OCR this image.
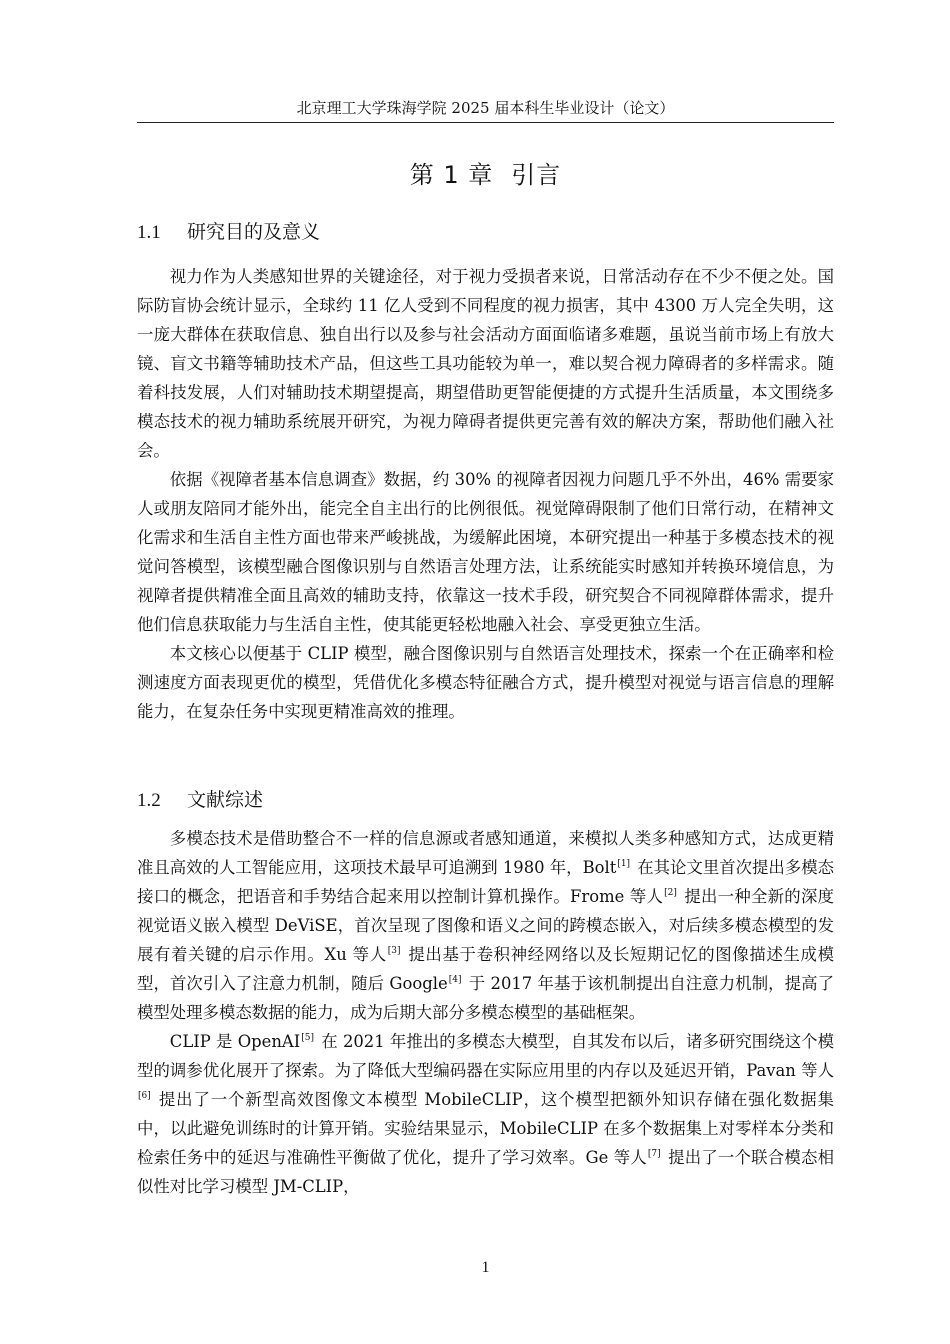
北京理工大学珠海学院 2025 届本科生毕业设计（论文）
第 1 章 引言
1.1 研究目的及意义

视力作为人类感知世界的关键途径，对于视力受损者来说，日常活动存在不少不便之处。国际防盲协会统计显示，全球约 11 亿人受到不同程度的视力损害，其中 4300 万人完全失明，这一庞大群体在获取信息、独自出行以及参与社会活动方面面临诸多难题，虽说当前市场上有放大镜、盲文书籍等辅助技术产品，但这些工具功能较为单一，难以契合视力障碍者的多样需求。随着科技发展，人们对辅助技术期望提高，期望借助更智能便捷的方式提升生活质量，本文围绕多模态技术的视力辅助系统展开研究，为视力障碍者提供更完善有效的解决方案，帮助他们融入社会。

依据《视障者基本信息调查》数据，约 30% 的视障者因视力问题几乎不外出，46% 需要家人或朋友陪同才能外出，能完全自主出行的比例很低。视觉障碍限制了他们日常行动，在精神文化需求和生活自主性方面也带来严峻挑战，为缓解此困境，本研究提出一种基于多模态技术的视觉问答模型，该模型融合图像识别与自然语言处理方法，让系统能实时感知并转换环境信息，为视障者提供精准全面且高效的辅助支持，依靠这一技术手段，研究契合不同视障群体需求，提升他们信息获取能力与生活自主性，使其能更轻松地融入社会、享受更独立生活。

本文核心以便基于 CLIP 模型，融合图像识别与自然语言处理技术，探索一个在正确率和检测速度方面表现更优的模型，凭借优化多模态特征融合方式，提升模型对视觉与语言信息的理解能力，在复杂任务中实现更精准高效的推理。

1.2 文献综述

多模态技术是借助整合不一样的信息源或者感知通道，来模拟人类多种感知方式，达成更精准且高效的人工智能应用，这项技术最早可追溯到 1980 年，Bolt[1] 在其论文里首次提出多模态接口的概念，把语音和手势结合起来用以控制计算机操作。Frome 等人[2] 提出一种全新的深度视觉语义嵌入模型 DeViSE，首次呈现了图像和语义之间的跨模态嵌入，对后续多模态模型的发展有着关键的启示作用。Xu 等人[3] 提出基于卷积神经网络以及长短期记忆的图像描述生成模型，首次引入了注意力机制，随后 Google[4] 于 2017 年基于该机制提出自注意力机制，提高了模型处理多模态数据的能力，成为后期大部分多模态模型的基础框架。

CLIP 是 OpenAI[5] 在 2021 年推出的多模态大模型，自其发布以后，诸多研究围绕这个模型的调参优化展开了探索。为了降低大型编码器在实际应用里的内存以及延迟开销，Pavan 等人[6] 提出了一个新型高效图像文本模型 MobileCLIP，这个模型把额外知识存储在强化数据集中，以此避免训练时的计算开销。实验结果显示，MobileCLIP 在多个数据集上对零样本分类和检索任务中的延迟与准确性平衡做了优化，提升了学习效率。Ge 等人[7] 提出了一个联合模态相似性对比学习模型 JM-CLIP，

1
